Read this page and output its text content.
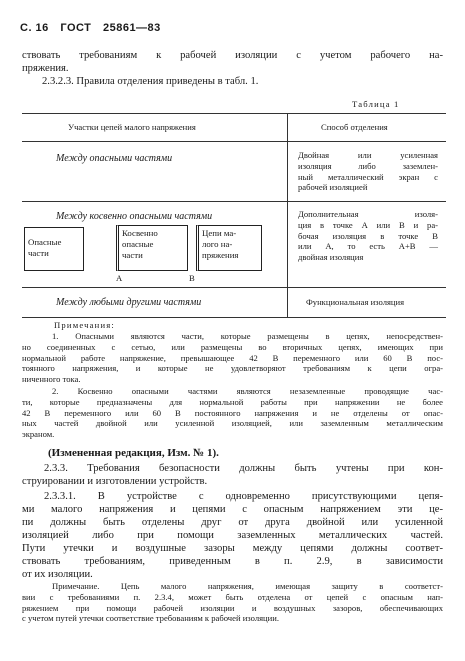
С. 16 ГОСТ 25861—83
ствовать требованиям к рабочей изоляции с учетом рабочего на-
пряжения.
2.3.2.3. Правила отделения приведены в табл. 1.
Таблица 1
Участки цепей малого напряжения	Способ отделения
Между опасными частями	Двойная или усиленная
изоляция либо заземлен-
ный металлический экран с
рабочей изоляцией
Между косвенно опасными частями	Дополнительная изоля-
ция в точке А или В и ра-
бочая изоляция в точке В
или А, то есть А+В —
двойная изоляция
Опасные
части
Косвенно
опасные
части
Цепи ма-
лого на-
пряжения
А	В
Между любыми другими частями	Функциональная изоляция
Примечания:
1. Опасными являются части, которые размещены в цепях, непосредствен-
но соединенных с сетью, или размещены во вторичных цепях, имеющих при
нормальной работе напряжение, превышающее 42 В переменного или 60 В пос-
тоянного напряжения, и которые не удовлетворяют требованиям к цепи огра-
ниченного тока.
2. Косвенно опасными частями являются незаземленные проводящие час-
ти, которые предназначены для нормальной работы при напряжении не более
42 В переменного или 60 В постоянного напряжения и не отделены от опас-
ных частей двойной или усиленной изоляцией, или заземленным металлическим
экраном.
(Измененная редакция, Изм. № 1).
2.3.3. Требования безопасности должны быть учтены при кон-
струировании и изготовлении устройств.
2.3.3.1. В устройстве с одновременно присутствующими цепя-
ми малого напряжения и цепями с опасным напряжением эти це-
пи должны быть отделены друг от друга двойной или усиленной
изоляцией либо при помощи заземленных металлических частей.
Пути утечки и воздушные зазоры между цепями должны соответ-
ствовать требованиям, приведенным в п. 2.9, в зависимости
от их изоляции.
Примечание. Цепь малого напряжения, имеющая защиту в соответст-
вии с требованиями п. 2.3.4, может быть отделена от цепей с опасным нап-
ряжением при помощи рабочей изоляции и воздушных зазоров, обеспечивающих
с учетом путей утечки соответствие требованиям к рабочей изоляции.
